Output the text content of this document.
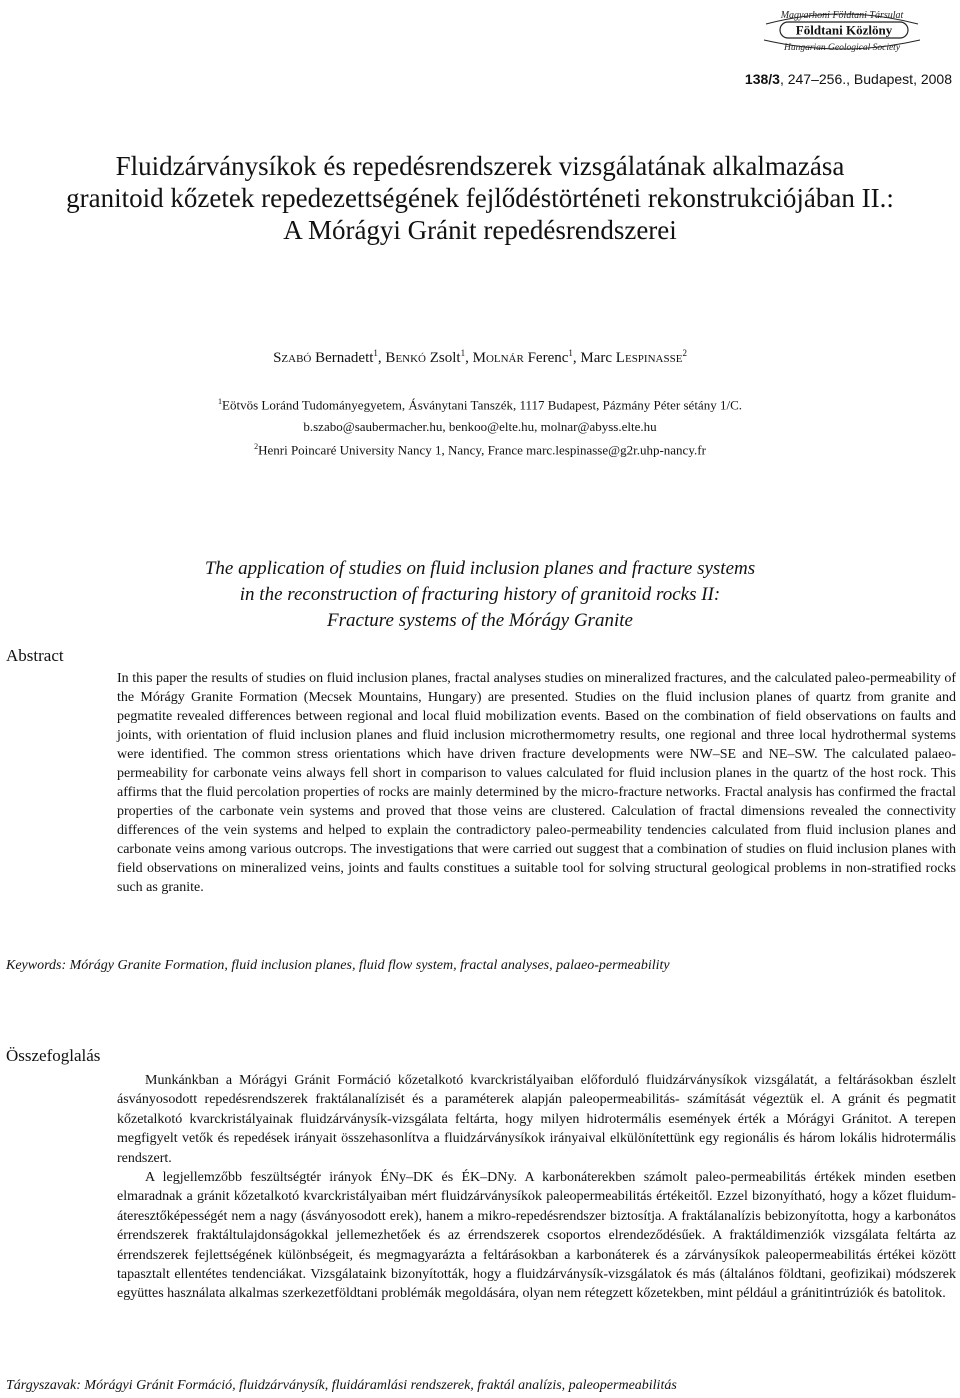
Magyarhoni Földtani Társulat
Földtani Közlöny
Hungarian Geological Society
138/3, 247–256., Budapest, 2008
Fluidzárványsíkok és repedésrendszerek vizsgálatának alkalmazása
granitoid kőzetek repedezettségének fejlődéstörténeti rekonstrukciójában II.:
A Mórágyi Gránit repedésrendszerei
SZABÓ Bernadett$^1$, BENKÓ Zsolt$^1$, MOLNÁR Ferenc$^1$, Marc LESPINASSE$^2$
$^1$Eötvös Loránd Tudományegyetem, Ásványtani Tanszék, 1117 Budapest, Pázmány Péter sétány 1/C.
b.szabo@saubermacher.hu, benkoo@elte.hu, molnar@abyss.elte.hu
$^2$Henri Poincaré University Nancy 1, Nancy, France marc.lespinasse@g2r.uhp-nancy.fr
The application of studies on fluid inclusion planes and fracture systems
in the reconstruction of fracturing history of granitoid rocks II:
Fracture systems of the Mórágy Granite
Abstract

In this paper the results of studies on fluid inclusion planes, fractal analyses studies on mineralized fractures, and the calculated paleo-permeability of the Mórágy Granite Formation (Mecsek Mountains, Hungary) are presented. Studies on the fluid inclusion planes of quartz from granite and pegmatite revealed differences between regional and local fluid mobilization events. Based on the combination of field observations on faults and joints, with orientation of fluid inclusion planes and fluid inclusion microthermometry results, one regional and three local hydrothermal systems were identified. The common stress orientations which have driven fracture developments were NW–SE and NE–SW. The calculated palaeo-permeability for carbonate veins always fell short in comparison to values calculated for fluid inclusion planes in the quartz of the host rock. This affirms that the fluid percolation properties of rocks are mainly determined by the micro-fracture networks. Fractal analysis has confirmed the fractal properties of the carbonate vein systems and proved that those veins are clustered. Calculation of fractal dimensions revealed the connectivity differences of the vein systems and helped to explain the contradictory paleo-permeability tendencies calculated from fluid inclusion planes and carbonate veins among various outcrops. The investigations that were carried out suggest that a combination of studies on fluid inclusion planes with field observations on mineralized veins, joints and faults constitues a suitable tool for solving structural geological problems in non-stratified rocks such as granite.

Keywords: Mórágy Granite Formation, fluid inclusion planes, fluid flow system, fractal analyses, palaeo-permeability
Összefoglalás

Munkánkban a Mórágyi Gránit Formáció kőzetalkotó kvarckristályaiban előforduló fluidzárványsíkok vizsgálatát, a feltárásokban észlelt ásványosodott repedésrendszerek fraktálanalízisét és a paraméterek alapján paleopermeabilitás- számítását végeztük el. A gránit és pegmatit kőzetalkotó kvarckristályainak fluidzárványsík-vizsgálata feltárta, hogy milyen hidrotermális események érték a Mórágyi Gránitot. A terepen megfigyelt vetők és repedések irányait összehasonlítva a fluidzárványsíkok irányaival elkülönítettünk egy regionális és három lokális hidrotermális rendszert.

A legjellemzőbb feszültségtér irányok ÉNy–DK és ÉK–DNy. A karbonáterekben számolt paleo-permeabilitás értékek minden esetben elmaradnak a gránit kőzetalkotó kvarckristályaiban mért fluidzárványsíkok paleopermeabilitás értékeitől. Ezzel bizonyítható, hogy a kőzet fluidum-áteresztőképességét nem a nagy (ásványosodott erek), hanem a mikro-repedésrendszer biztosítja. A fraktálanalízis bebizonyította, hogy a karbonátos érrendszerek fraktáltulajdonságokkal jellemezhetőek és az érrendszerek csoportos elrendeződésűek. A fraktáldimenziók vizsgálata feltárta az érrendszerek fejlettségének különbségeit, és megmagyarázta a feltárásokban a karbonáterek és a zárványsíkok paleopermeabilitás értékei között tapasztalt ellentétes tendenciákat. Vizsgálataink bizonyították, hogy a fluidzárványsík-vizsgálatok és más (általános földtani, geofizikai) módszerek együttes használata alkalmas szerkezetföldtani problémák megoldására, olyan nem rétegzett kőzetekben, mint például a gránitintrúziók és batolitok.

Tárgyszavak: Mórágyi Gránit Formáció, fluidzárványsík, fluidáramlási rendszerek, fraktál analízis, paleopermeabilitás
